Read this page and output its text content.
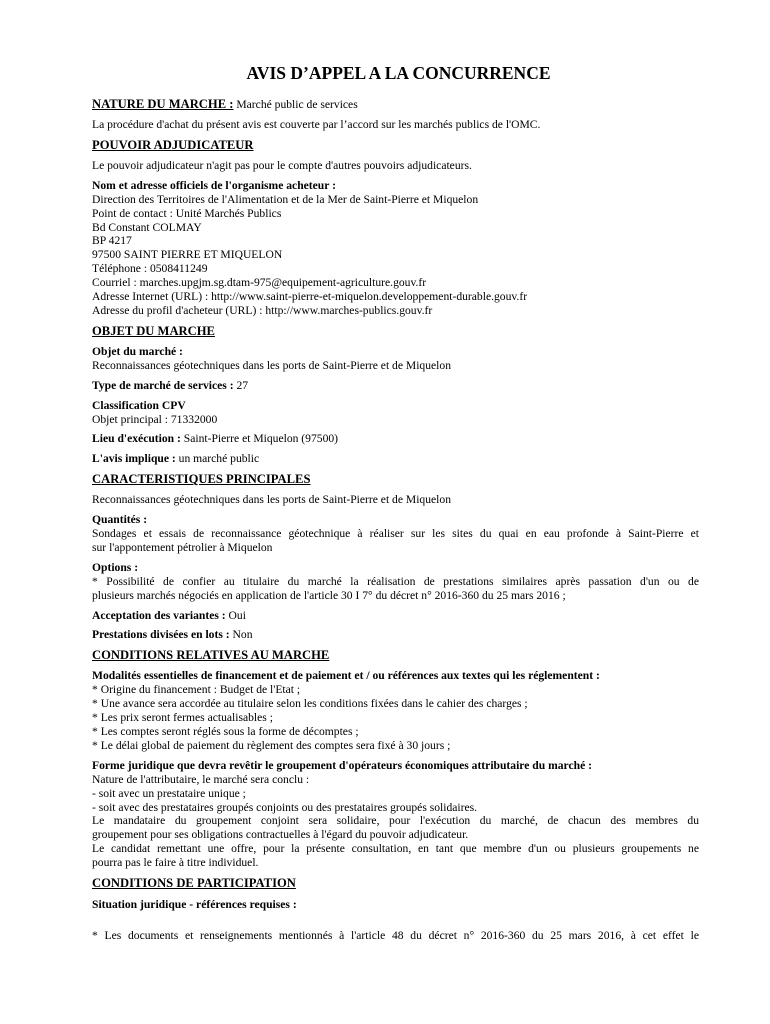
AVIS D’APPEL A LA CONCURRENCE

NATURE DU MARCHE : Marché public de services

La procédure d'achat du présent avis est couverte par l’accord sur les marchés publics de l'OMC.

POUVOIR ADJUDICATEUR

Le pouvoir adjudicateur n'agit pas pour le compte d'autres pouvoirs adjudicateurs.

Nom et adresse officiels de l'organisme acheteur :

Direction des Territoires de l'Alimentation et de la Mer de Saint-Pierre et Miquelon

Point de contact : Unité Marchés Publics

Bd Constant COLMAY

BP 4217

97500 SAINT PIERRE ET MIQUELON

Téléphone : 0508411249

Courriel : marches.upgjm.sg.dtam-975@equipement-agriculture.gouv.fr

Adresse Internet (URL) : http://www.saint-pierre-et-miquelon.developpement-durable.gouv.fr

Adresse du profil d'acheteur (URL) : http://www.marches-publics.gouv.fr

OBJET DU MARCHE

Objet du marché :

Reconnaissances géotechniques dans les ports de Saint-Pierre et de Miquelon

Type de marché de services : 27

Classification CPV

Objet principal : 71332000

Lieu d'exécution : Saint-Pierre et Miquelon (97500)

L'avis implique : un marché public

CARACTERISTIQUES PRINCIPALES

Reconnaissances géotechniques dans les ports de Saint-Pierre et de Miquelon

Quantités :

Sondages et essais de reconnaissance géotechnique à réaliser sur les sites du quai en eau profonde à Saint-Pierre et

sur l'appontement pétrolier à Miquelon

Options :

* Possibilité de confier au titulaire du marché la réalisation de prestations similaires après passation d'un ou de

plusieurs marchés négociés en application de l'article 30 I 7° du décret n° 2016-360 du 25 mars 2016 ;

Acceptation des variantes : Oui

Prestations divisées en lots : Non

CONDITIONS RELATIVES AU MARCHE

Modalités essentielles de financement et de paiement et / ou références aux textes qui les réglementent :

* Origine du financement : Budget de l'Etat ;

* Une avance sera accordée au titulaire selon les conditions fixées dans le cahier des charges ;

* Les prix seront fermes actualisables ;

* Les comptes seront réglés sous la forme de décomptes ;

* Le délai global de paiement du règlement des comptes sera fixé à 30 jours ;

Forme juridique que devra revêtir le groupement d'opérateurs économiques attributaire du marché :

Nature de l'attributaire, le marché sera conclu :

- soit avec un prestataire unique ;

- soit avec des prestataires groupés conjoints ou des prestataires groupés solidaires.

Le mandataire du groupement conjoint sera solidaire, pour l'exécution du marché, de chacun des membres du

groupement pour ses obligations contractuelles à l'égard du pouvoir adjudicateur.

Le candidat remettant une offre, pour la présente consultation, en tant que membre d'un ou plusieurs groupements ne

pourra pas le faire à titre individuel.

CONDITIONS DE PARTICIPATION

Situation juridique - références requises :

* Les documents et renseignements mentionnés à l'article 48 du décret n° 2016-360 du 25 mars 2016, à cet effet le
